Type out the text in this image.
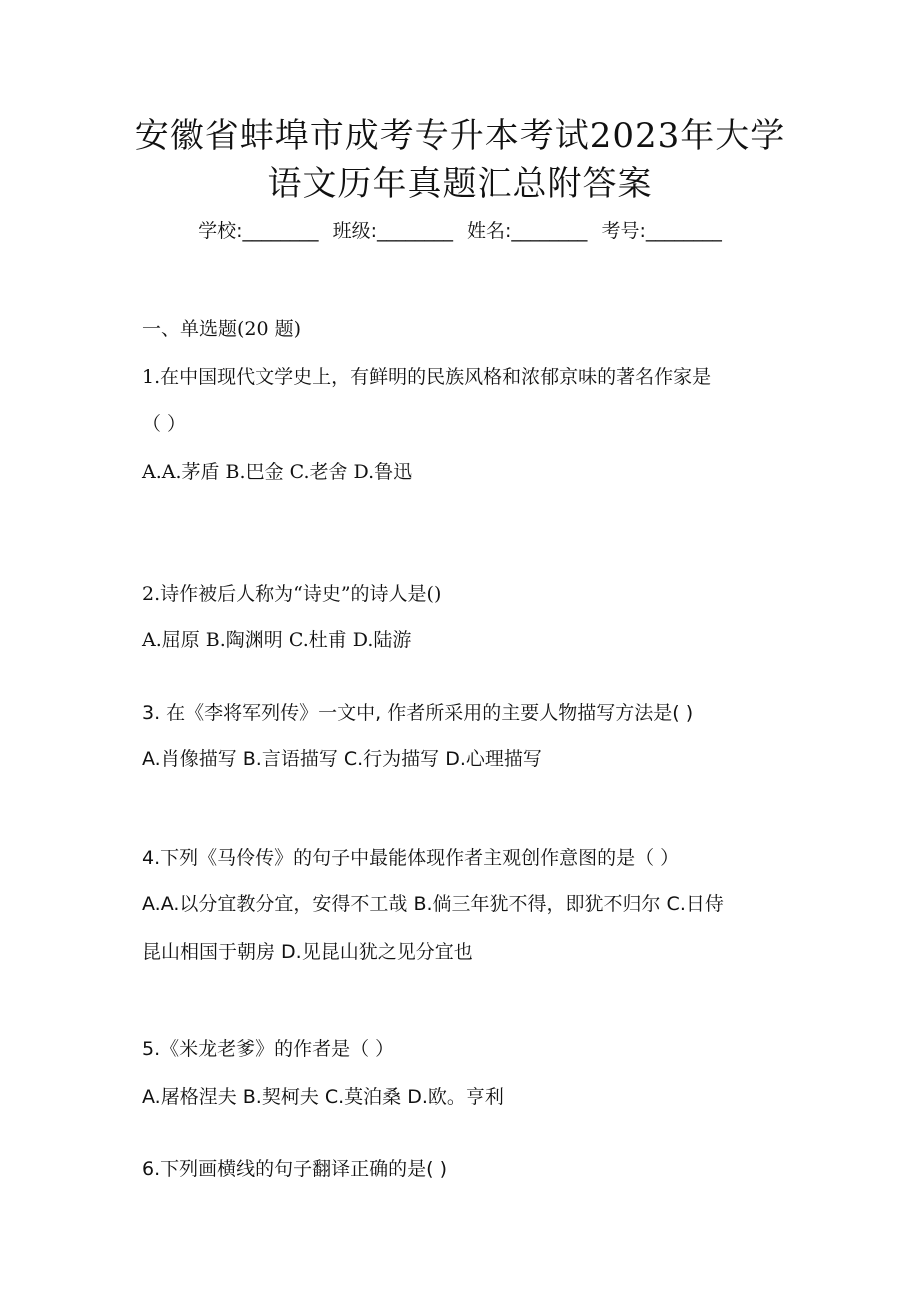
安徽省蚌埠市成考专升本考试2023年大学
语文历年真题汇总附答案
学校:________ 班级:________ 姓名:________ 考号:________
一、单选题(20 题)
1.在中国现代文学史上，有鲜明的民族风格和浓郁京味的著名作家是
（ ）
A.A.茅盾 B.巴金 C.老舍 D.鲁迅
2.诗作被后人称为“诗史”的诗人是()
A.屈原 B.陶渊明 C.杜甫 D.陆游
3. 在《李将军列传》一文中, 作者所采用的主要人物描写方法是( )
A.肖像描写 B.言语描写 C.行为描写 D.心理描写
4.下列《马伶传》的句子中最能体现作者主观创作意图的是（ ）
A.A.以分宜教分宜，安得不工哉 B.倘三年犹不得，即犹不归尔 C.日侍
昆山相国于朝房 D.见昆山犹之见分宜也
5.《米龙老爹》的作者是（ ）
A.屠格涅夫 B.契柯夫 C.莫泊桑 D.欧。亨利
6.下列画横线的句子翻译正确的是( )
